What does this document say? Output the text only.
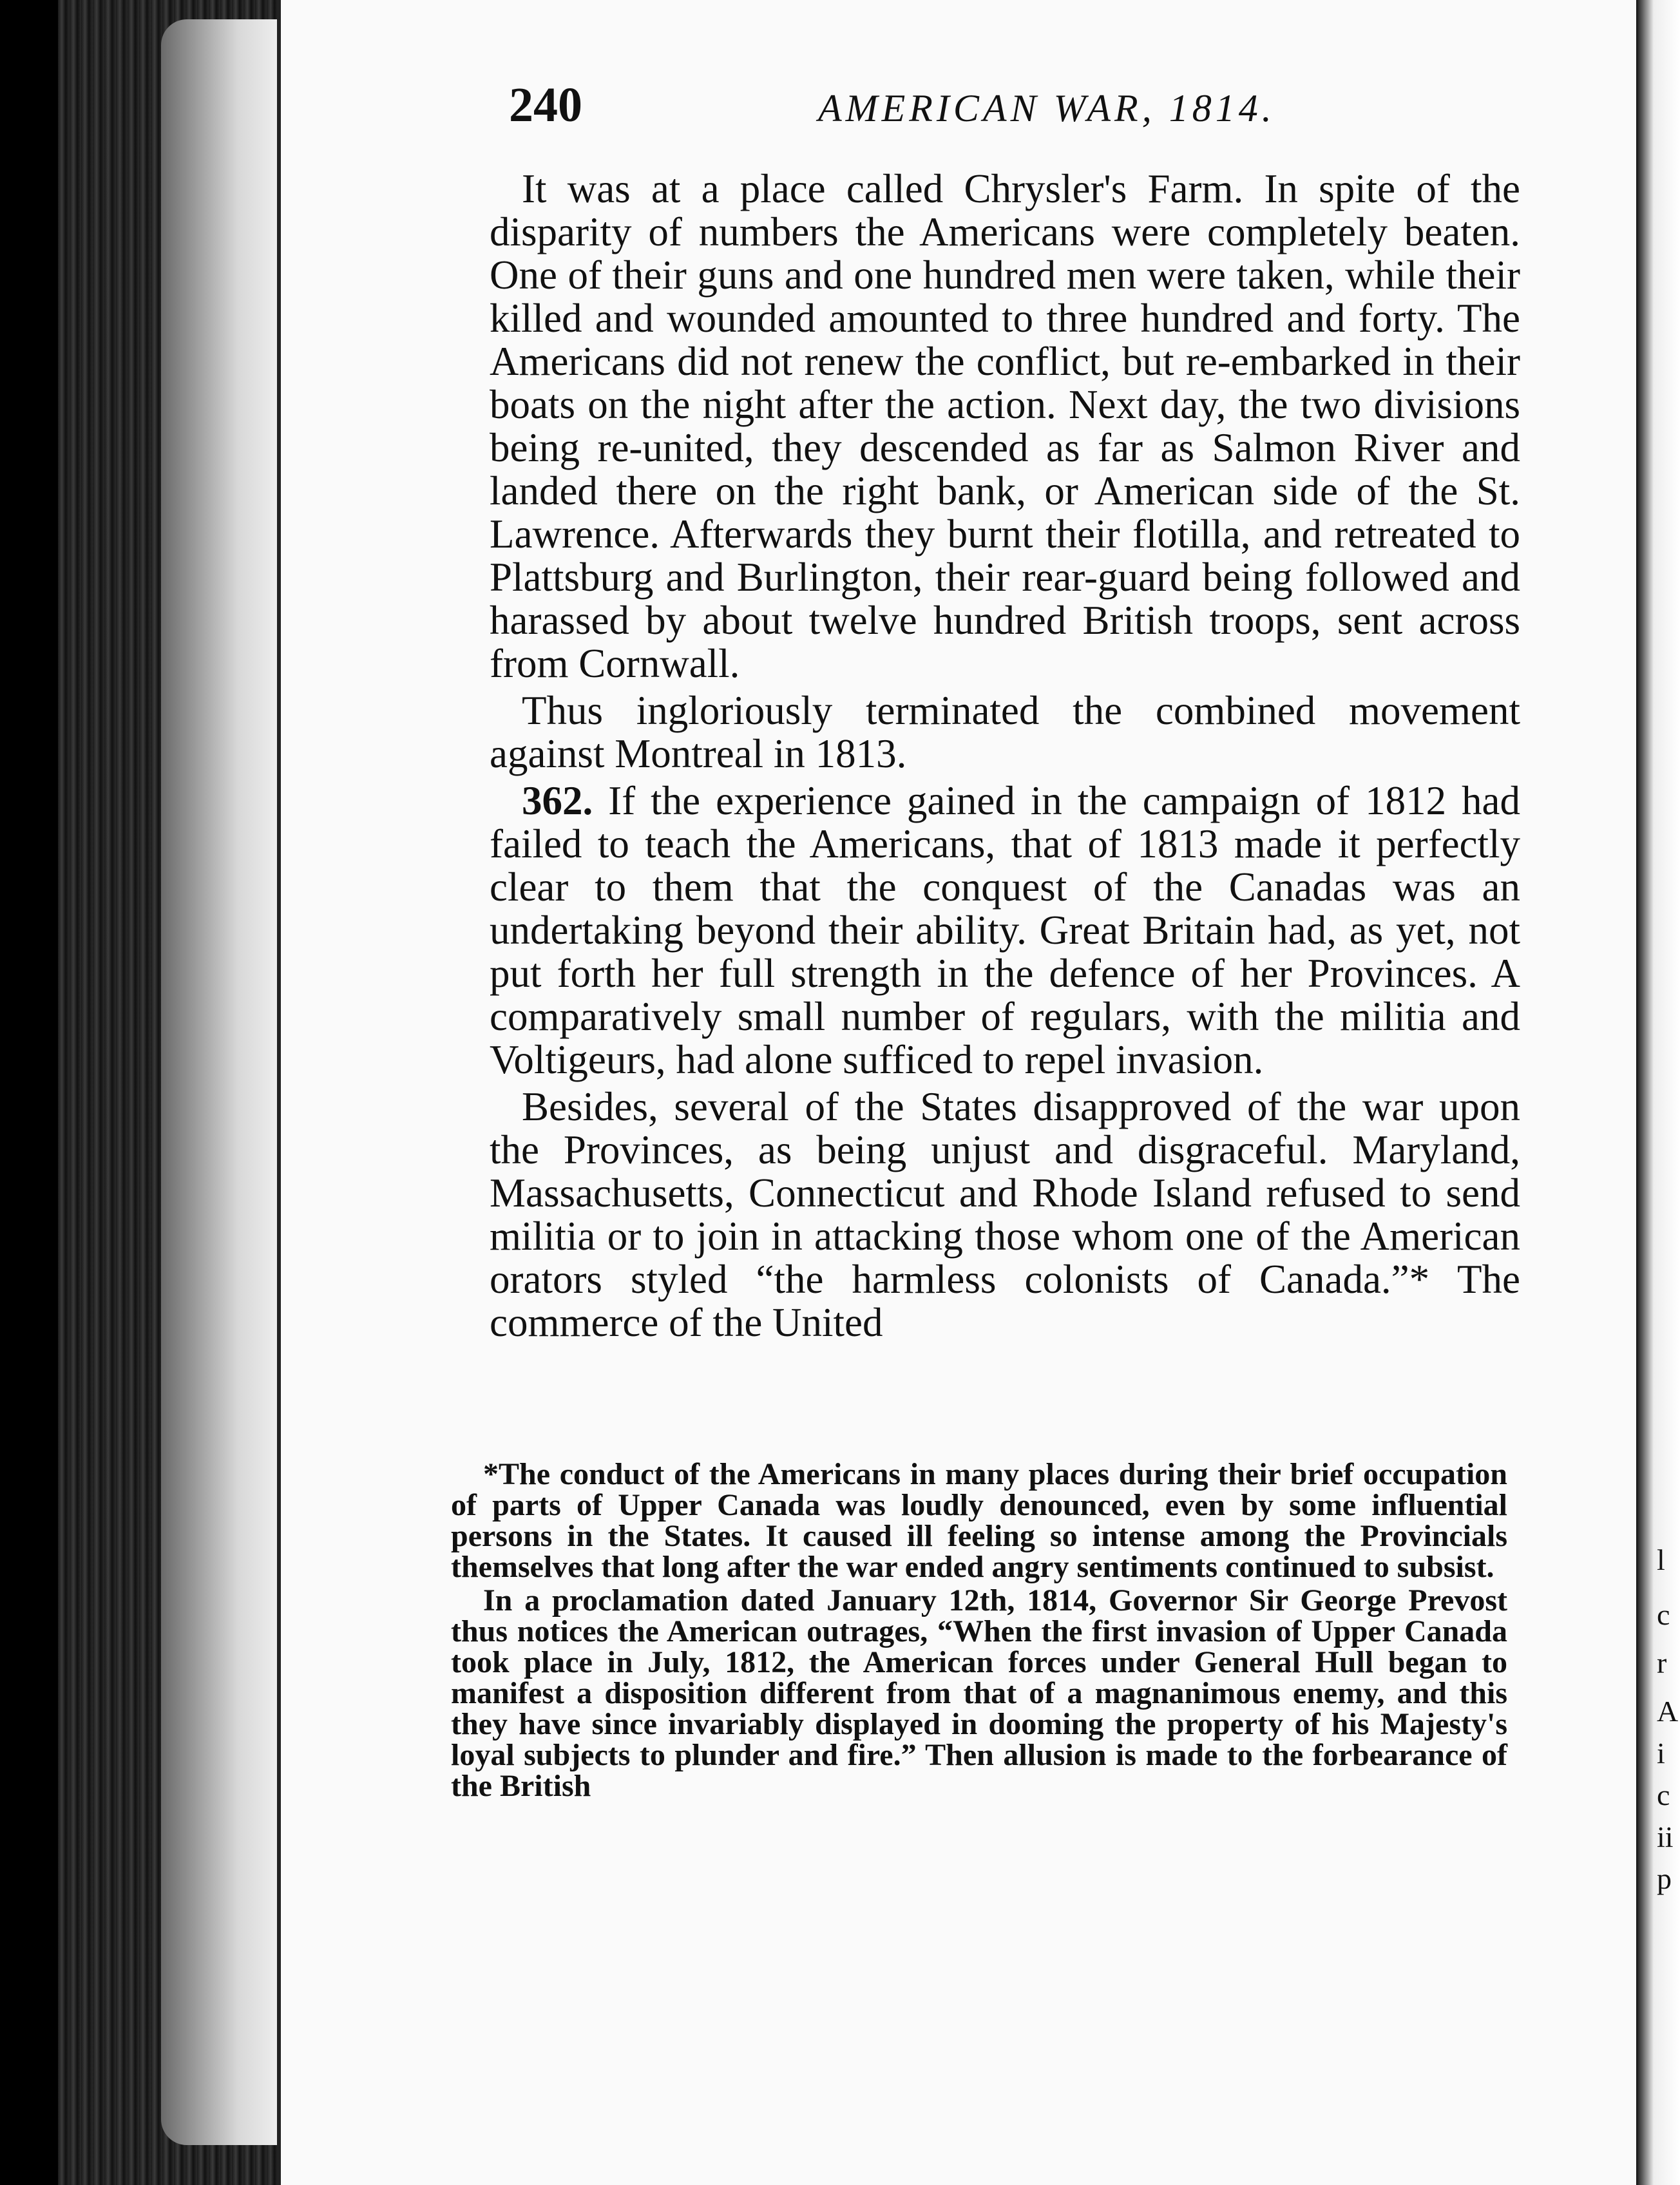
240	AMERICAN WAR, 1814.

It was at a place called Chrysler's Farm. In spite of the disparity of numbers the Americans were completely beaten. One of their guns and one hundred men were taken, while their killed and wounded amounted to three hundred and forty. The Americans did not renew the conflict, but re-embarked in their boats on the night after the action. Next day, the two divisions being re-united, they descended as far as Salmon River and landed there on the right bank, or American side of the St. Lawrence. Afterwards they burnt their flotilla, and retreated to Plattsburg and Burlington, their rear-guard being followed and harassed by about twelve hundred British troops, sent across from Cornwall.

Thus ingloriously terminated the combined movement against Montreal in 1813.

362. If the experience gained in the campaign of 1812 had failed to teach the Americans, that of 1813 made it perfectly clear to them that the conquest of the Canadas was an undertaking beyond their ability. Great Britain had, as yet, not put forth her full strength in the defence of her Provinces. A comparatively small number of regulars, with the militia and Voltigeurs, had alone sufficed to repel invasion.

Besides, several of the States disapproved of the war upon the Provinces, as being unjust and disgraceful. Maryland, Massachusetts, Connecticut and Rhode Island refused to send militia or to join in attacking those whom one of the American orators styled “the harmless colonists of Canada.”* The commerce of the United

*The conduct of the Americans in many places during their brief occupation of parts of Upper Canada was loudly denounced, even by some influential persons in the States. It caused ill feeling so intense among the Provincials themselves that long after the war ended angry sentiments continued to subsist.

In a proclamation dated January 12th, 1814, Governor Sir George Prevost thus notices the American outrages, “When the first invasion of Upper Canada took place in July, 1812, the American forces under General Hull began to manifest a disposition different from that of a magnanimous enemy, and this they have since invariably displayed in dooming the property of his Majesty's loyal subjects to plunder and fire.” Then allusion is made to the forbearance of the British

l
c
r
A
i
c
ii
p
